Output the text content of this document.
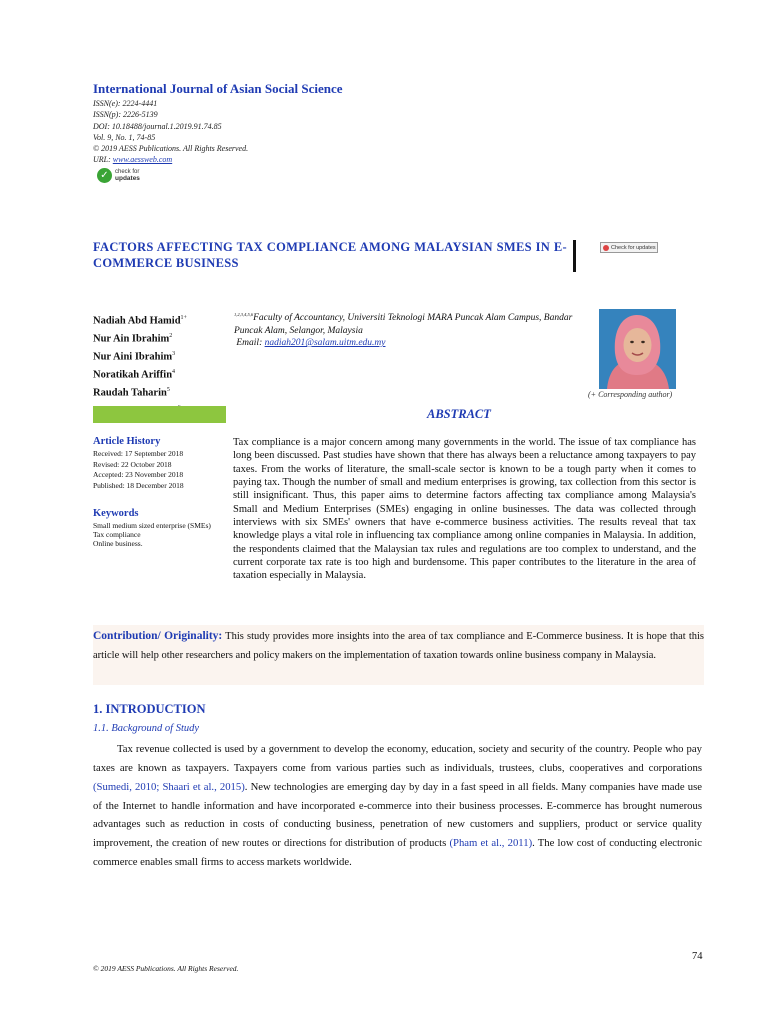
International Journal of Asian Social Science
ISSN(e): 2224-4441
ISSN(p): 2226-5139
DOI: 10.18488/journal.1.2019.91.74.85
Vol. 9, No. 1, 74-85
© 2019 AESS Publications. All Rights Reserved.
URL: www.aessweb.com
✓	check for
updates
FACTORS AFFECTING TAX COMPLIANCE AMONG MALAYSIAN SMES IN E-COMMERCE BUSINESS
Check for updates
Nadiah Abd Hamid$^{1+}$
Nur Ain Ibrahim$^2$
Nur Aini Ibrahim$^3$
Noratikah Ariffin$^4$
Raudah Taharin$^5$
$^{1,2,3,4,5,6}$Faculty of Accountancy, Universiti Teknologi MARA Puncak Alam Campus, Bandar Puncak Alam, Selangor, Malaysia
Email: nadiah201@salam.uitm.edu.my
(+ Corresponding author)
ABSTRACT
Article History
Received: 17 September 2018
Revised: 22 October 2018
Accepted: 23 November 2018
Published: 18 December 2018
Keywords
Small medium sized enterprise (SMEs)
Tax compliance
Online business.
Tax compliance is a major concern among many governments in the world. The issue of tax compliance has long been discussed. Past studies have shown that there has always been a reluctance among taxpayers to pay taxes. From the works of literature, the small-scale sector is known to be a tough party when it comes to paying tax. Though the number of small and medium enterprises is growing, tax collection from this sector is still insignificant. Thus, this paper aims to determine factors affecting tax compliance among Malaysia's Small and Medium Enterprises (SMEs) engaging in online businesses. The data was collected through interviews with six SMEs' owners that have e-commerce business activities. The results reveal that tax knowledge plays a vital role in influencing tax compliance among online companies in Malaysia. In addition, the respondents claimed that the Malaysian tax rules and regulations are too complex to understand, and the current corporate tax rate is too high and burdensome. This paper contributes to the literature in the area of taxation especially in Malaysia.
Contribution/ Originality: This study provides more insights into the area of tax compliance and E-Commerce business. It is hope that this article will help other researchers and policy makers on the implementation of taxation towards online business company in Malaysia.
1. INTRODUCTION
1.1. Background of Study
Tax revenue collected is used by a government to develop the economy, education, society and security of the country. People who pay taxes are known as taxpayers. Taxpayers come from various parties such as individuals, trustees, clubs, cooperatives and corporations (Sumedi, 2010; Shaari et al., 2015). New technologies are emerging day by day in a fast speed in all fields. Many companies have made use of the Internet to handle information and have incorporated e-commerce into their business processes. E-commerce has brought numerous advantages such as reduction in costs of conducting business, penetration of new customers and suppliers, product or service quality improvement, the creation of new routes or directions for distribution of products (Pham et al., 2011). The low cost of conducting electronic commerce enables small firms to access markets worldwide.
74
© 2019 AESS Publications. All Rights Reserved.
